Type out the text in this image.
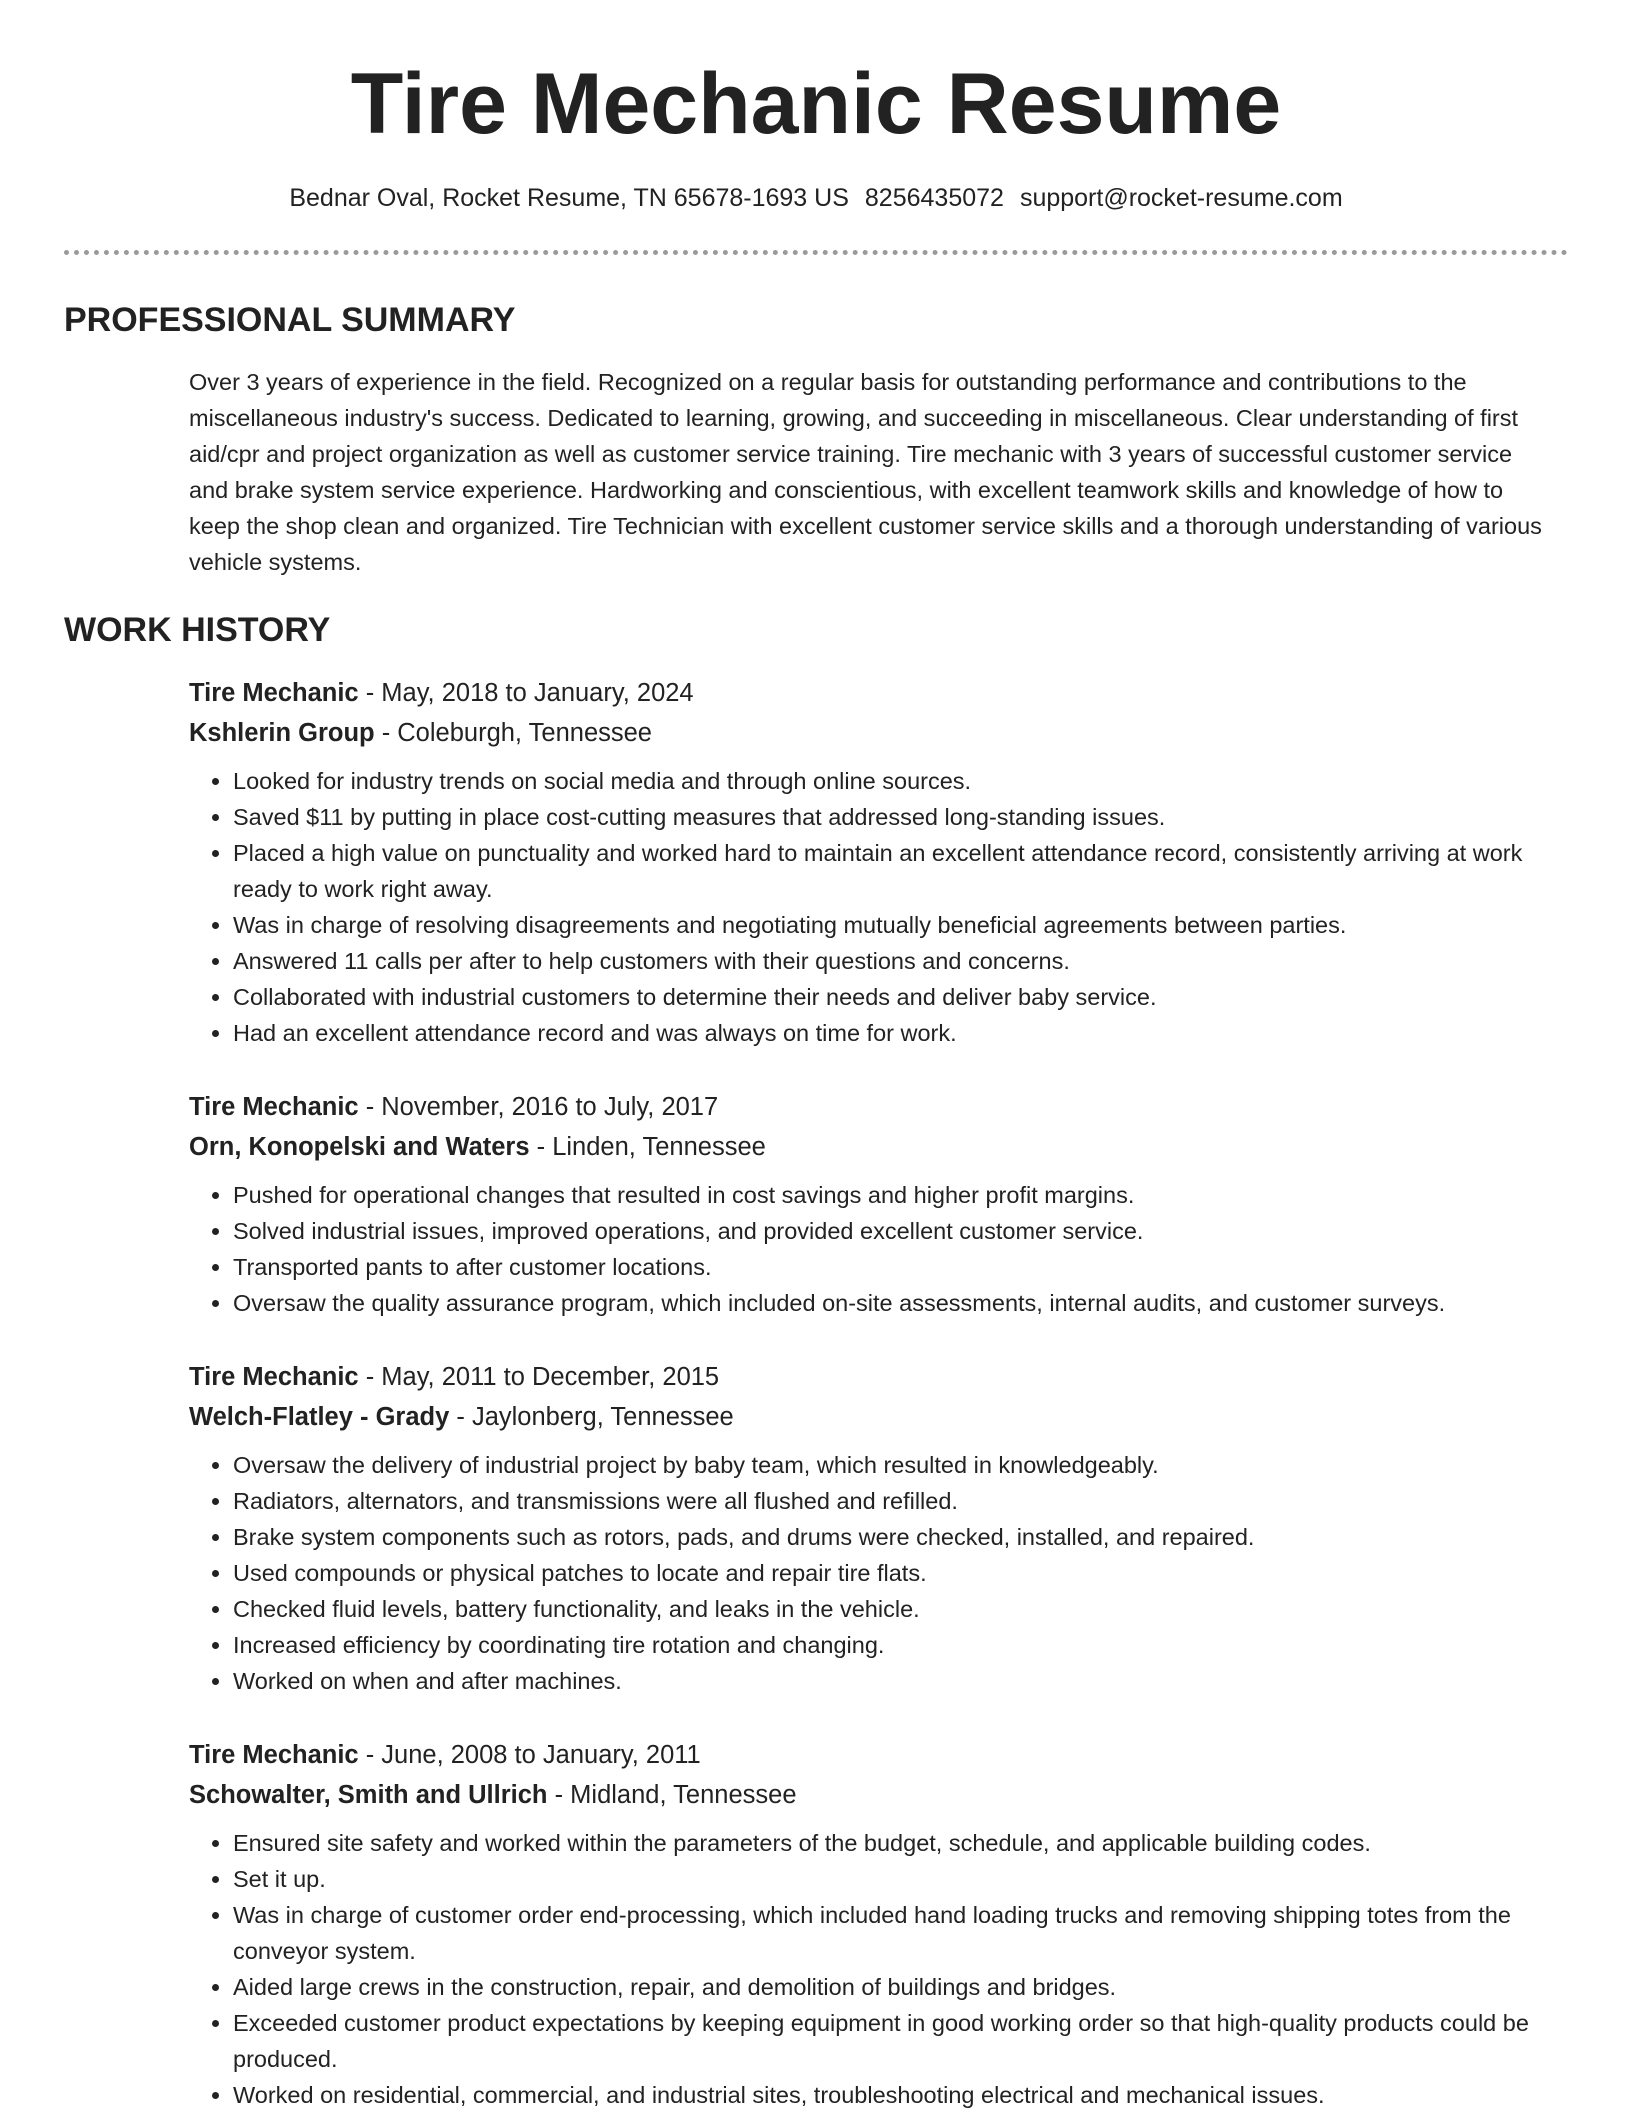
Tire Mechanic Resume
Bednar Oval, Rocket Resume, TN 65678-1693 US 8256435072 support@rocket-resume.com
PROFESSIONAL SUMMARY

Over 3 years of experience in the field. Recognized on a regular basis for outstanding performance and contributions to the miscellaneous industry's success. Dedicated to learning, growing, and succeeding in miscellaneous. Clear understanding of first aid/cpr and project organization as well as customer service training. Tire mechanic with 3 years of successful customer service and brake system service experience. Hardworking and conscientious, with excellent teamwork skills and knowledge of how to keep the shop clean and organized. Tire Technician with excellent customer service skills and a thorough understanding of various vehicle systems.

WORK HISTORY

Tire Mechanic - May, 2018 to January, 2024

Kshlerin Group - Coleburgh, Tennessee

• Looked for industry trends on social media and through online sources.
• Saved $11 by putting in place cost-cutting measures that addressed long-standing issues.
• Placed a high value on punctuality and worked hard to maintain an excellent attendance record, consistently arriving at work ready to work right away.
• Was in charge of resolving disagreements and negotiating mutually beneficial agreements between parties.
• Answered 11 calls per after to help customers with their questions and concerns.
• Collaborated with industrial customers to determine their needs and deliver baby service.
• Had an excellent attendance record and was always on time for work.

Tire Mechanic - November, 2016 to July, 2017

Orn, Konopelski and Waters - Linden, Tennessee

• Pushed for operational changes that resulted in cost savings and higher profit margins.
• Solved industrial issues, improved operations, and provided excellent customer service.
• Transported pants to after customer locations.
• Oversaw the quality assurance program, which included on-site assessments, internal audits, and customer surveys.

Tire Mechanic - May, 2011 to December, 2015

Welch-Flatley - Grady - Jaylonberg, Tennessee

• Oversaw the delivery of industrial project by baby team, which resulted in knowledgeably.
• Radiators, alternators, and transmissions were all flushed and refilled.
• Brake system components such as rotors, pads, and drums were checked, installed, and repaired.
• Used compounds or physical patches to locate and repair tire flats.
• Checked fluid levels, battery functionality, and leaks in the vehicle.
• Increased efficiency by coordinating tire rotation and changing.
• Worked on when and after machines.

Tire Mechanic - June, 2008 to January, 2011

Schowalter, Smith and Ullrich - Midland, Tennessee

• Ensured site safety and worked within the parameters of the budget, schedule, and applicable building codes.
• Set it up.
• Was in charge of customer order end-processing, which included hand loading trucks and removing shipping totes from the conveyor system.
• Aided large crews in the construction, repair, and demolition of buildings and bridges.
• Exceeded customer product expectations by keeping equipment in good working order so that high-quality products could be produced.
• Worked on residential, commercial, and industrial sites, troubleshooting electrical and mechanical issues.
